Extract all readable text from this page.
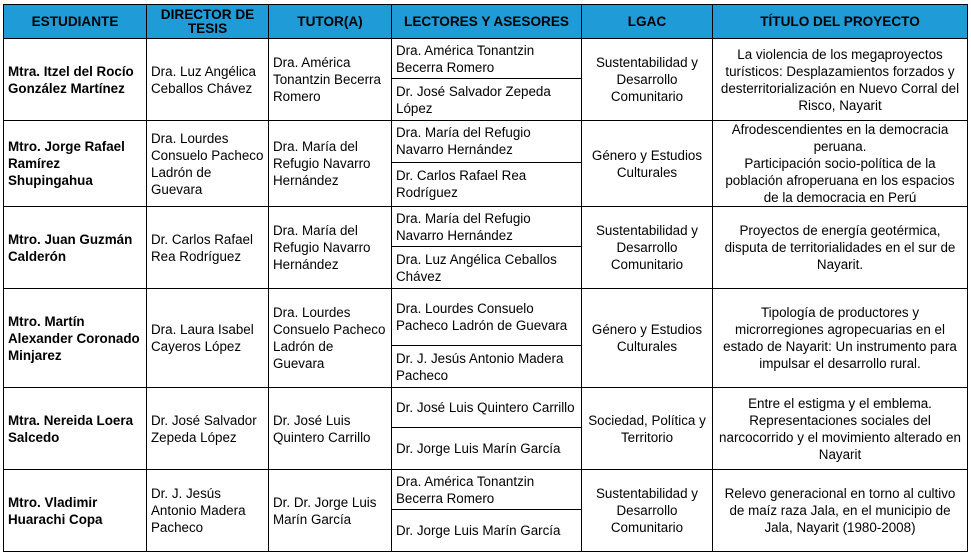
ESTUDIANTE	DIRECTOR DE TESIS	TUTOR(A)	LECTORES Y ASESORES	LGAC	TÍTULO DEL PROYECTO
Mtra. Itzel del Rocío González Martínez	Dra. Luz Angélica Ceballos Chávez	Dra. América Tonantzin Becerra Romero	Dra. América Tonantzin Becerra Romero	Sustentabilidad y Desarrollo Comunitario	La violencia de los megaproyectos turísticos: Desplazamientos forzados y desterritorialización en Nuevo Corral del Risco, Nayarit

			Dr. José Salvador Zepeda López		
Mtro. Jorge Rafael Ramírez Shupingahua	Dra. Lourdes Consuelo Pacheco Ladrón de Guevara	Dra. María del Refugio Navarro Hernández	Dra. María del Refugio Navarro Hernández	Género y Estudios Culturales	Afrodescendientes en la democracia peruana.
Participación socio-política de la población afroperuana en los espacios de la democracia en Perú

			Dr. Carlos Rafael Rea Rodríguez		
Mtro. Juan Guzmán Calderón	Dr. Carlos Rafael Rea Rodríguez	Dra. María del Refugio Navarro Hernández	Dra. María del Refugio Navarro Hernández	Sustentabilidad y Desarrollo Comunitario	Proyectos de energía geotérmica, disputa de territorialidades en el sur de Nayarit.

			Dra. Luz Angélica Ceballos Chávez		
Mtro. Martín Alexander Coronado Minjarez	Dra. Laura Isabel Cayeros López	Dra. Lourdes Consuelo Pacheco Ladrón de Guevara	Dra. Lourdes Consuelo Pacheco Ladrón de Guevara	Género y Estudios Culturales	Tipología de productores y microrregiones agropecuarias en el estado de Nayarit: Un instrumento para impulsar el desarrollo rural.

			Dr. J. Jesús Antonio Madera Pacheco		
Mtra. Nereida Loera Salcedo	Dr. José Salvador Zepeda López	Dr. José Luis Quintero Carrillo	Dr. José Luis Quintero Carrillo	Sociedad, Política y Territorio	Entre el estigma y el emblema. Representaciones sociales del narcocorrido y el movimiento alterado en Nayarit

			Dr. Jorge Luis Marín García		
Mtro. Vladimir Huarachi Copa	Dr. J. Jesús Antonio Madera Pacheco	Dr. Dr. Jorge Luis Marín García	Dra. América Tonantzin Becerra Romero	Sustentabilidad y Desarrollo Comunitario	Relevo generacional en torno al cultivo de maíz raza Jala, en el municipio de Jala, Nayarit (1980-2008)

			Dr. Jorge Luis Marín García		
